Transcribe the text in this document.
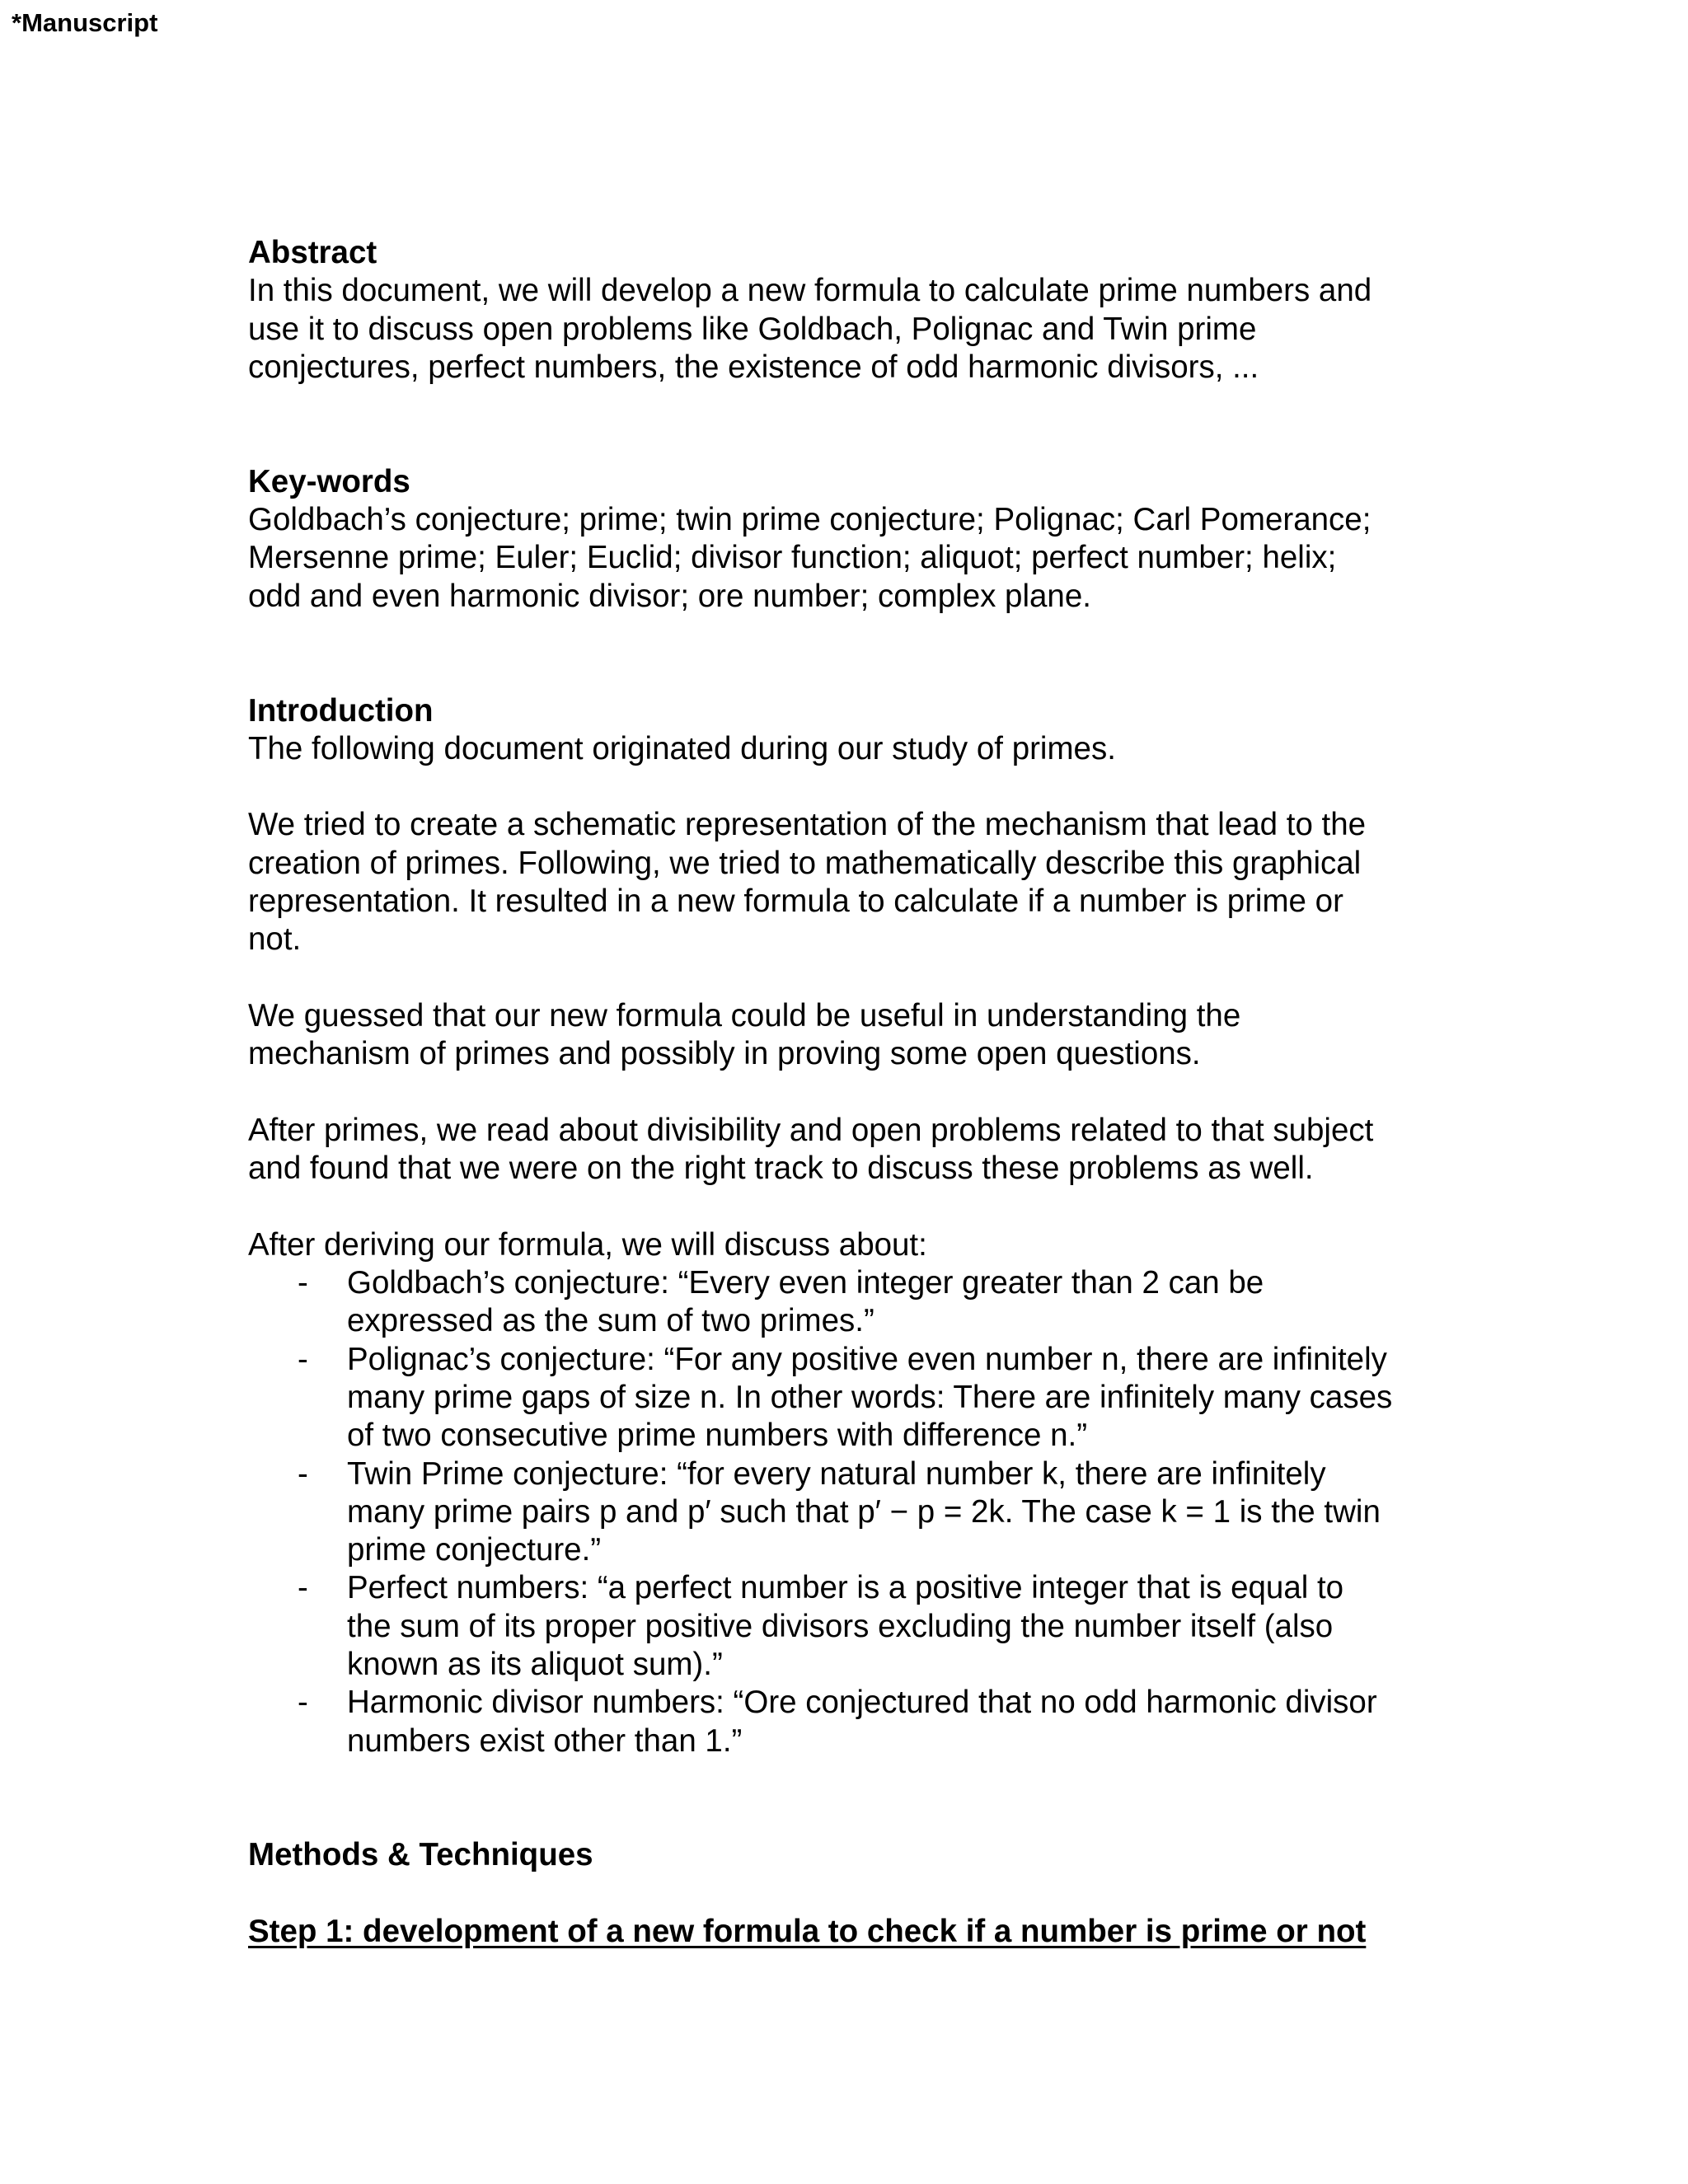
*Manuscript
Abstract
In this document, we will develop a new formula to calculate prime numbers and
use it to discuss open problems like Goldbach, Polignac and Twin prime
conjectures, perfect numbers, the existence of odd harmonic divisors, ...
Key-words
Goldbach’s conjecture; prime; twin prime conjecture; Polignac; Carl Pomerance;
Mersenne prime; Euler; Euclid; divisor function; aliquot; perfect number; helix;
odd and even harmonic divisor; ore number; complex plane.
Introduction
The following document originated during our study of primes.
We tried to create a schematic representation of the mechanism that lead to the
creation of primes. Following, we tried to mathematically describe this graphical
representation. It resulted in a new formula to calculate if a number is prime or
not.
We guessed that our new formula could be useful in understanding the
mechanism of primes and possibly in proving some open questions.
After primes, we read about divisibility and open problems related to that subject
and found that we were on the right track to discuss these problems as well.
After deriving our formula, we will discuss about:
- Goldbach’s conjecture: “Every even integer greater than 2 can be
expressed as the sum of two primes.”
- Polignac’s conjecture: “For any positive even number n, there are infinitely
many prime gaps of size n. In other words: There are infinitely many cases
of two consecutive prime numbers with difference n.”
- Twin Prime conjecture: “for every natural number k, there are infinitely
many prime pairs p and p′ such that p′ − p = 2k. The case k = 1 is the twin
prime conjecture.”
- Perfect numbers: “a perfect number is a positive integer that is equal to
the sum of its proper positive divisors excluding the number itself (also
known as its aliquot sum).”
- Harmonic divisor numbers: “Ore conjectured that no odd harmonic divisor
numbers exist other than 1.”
Methods & Techniques
Step 1: development of a new formula to check if a number is prime or not
